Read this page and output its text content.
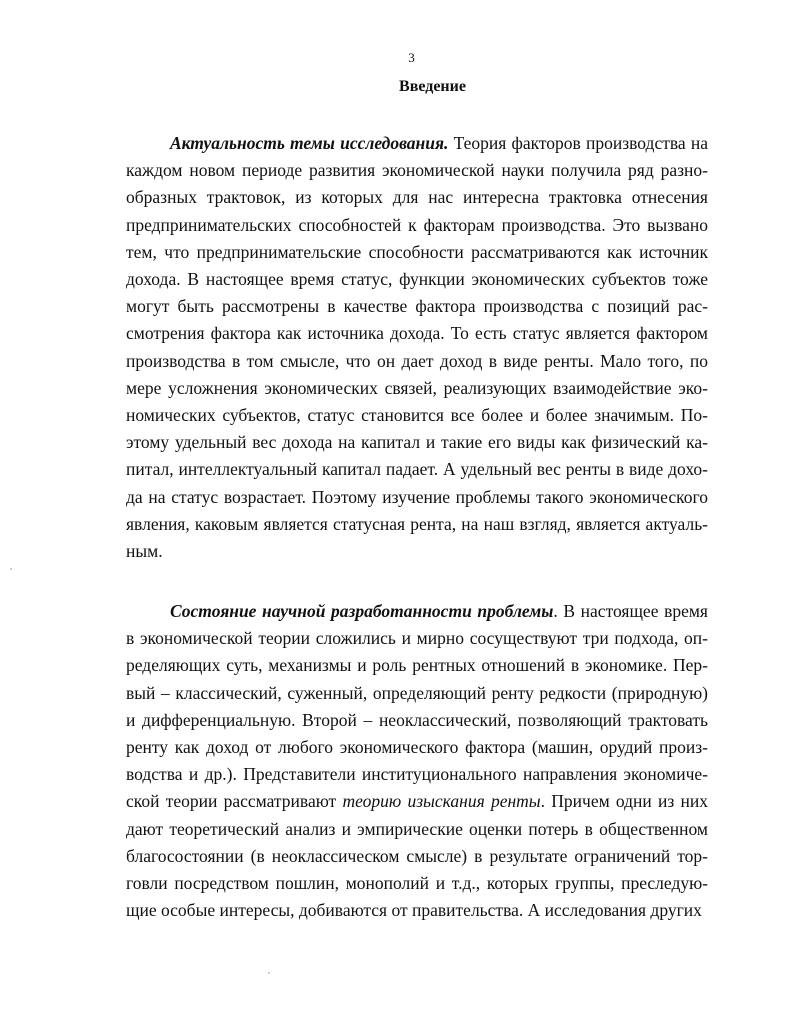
3
Введение
Актуальность темы исследования. Теория факторов производства на
каждом новом периоде развития экономической науки получила ряд разно-
образных трактовок, из которых для нас интересна трактовка отнесения
предпринимательских способностей к факторам производства. Это вызвано
тем, что предпринимательские способности рассматриваются как источник
дохода. В настоящее время статус, функции экономических субъектов тоже
могут быть рассмотрены в качестве фактора производства с позиций рас-
смотрения фактора как источника дохода. То есть статус является фактором
производства в том смысле, что он дает доход в виде ренты. Мало того, по
мере усложнения экономических связей, реализующих взаимодействие эко-
номических субъектов, статус становится все более и более значимым. По-
этому удельный вес дохода на капитал и такие его виды как физический ка-
питал, интеллектуальный капитал падает. А удельный вес ренты в виде дохо-
да на статус возрастает. Поэтому изучение проблемы такого экономического
явления, каковым является статусная рента, на наш взгляд, является актуаль-
ным.
Состояние научной разработанности проблемы. В настоящее время
в экономической теории сложились и мирно сосуществуют три подхода, оп-
ределяющих суть, механизмы и роль рентных отношений в экономике. Пер-
вый – классический, суженный, определяющий ренту редкости (природную)
и дифференциальную. Второй – неоклассический, позволяющий трактовать
ренту как доход от любого экономического фактора (машин, орудий произ-
водства и др.). Представители институционального направления экономиче-
ской теории рассматривают теорию изыскания ренты. Причем одни из них
дают теоретический анализ и эмпирические оценки потерь в общественном
благосостоянии (в неоклассическом смысле) в результате ограничений тор-
говли посредством пошлин, монополий и т.д., которых группы, преследую-
щие особые интересы, добиваются от правительства. А исследования других
